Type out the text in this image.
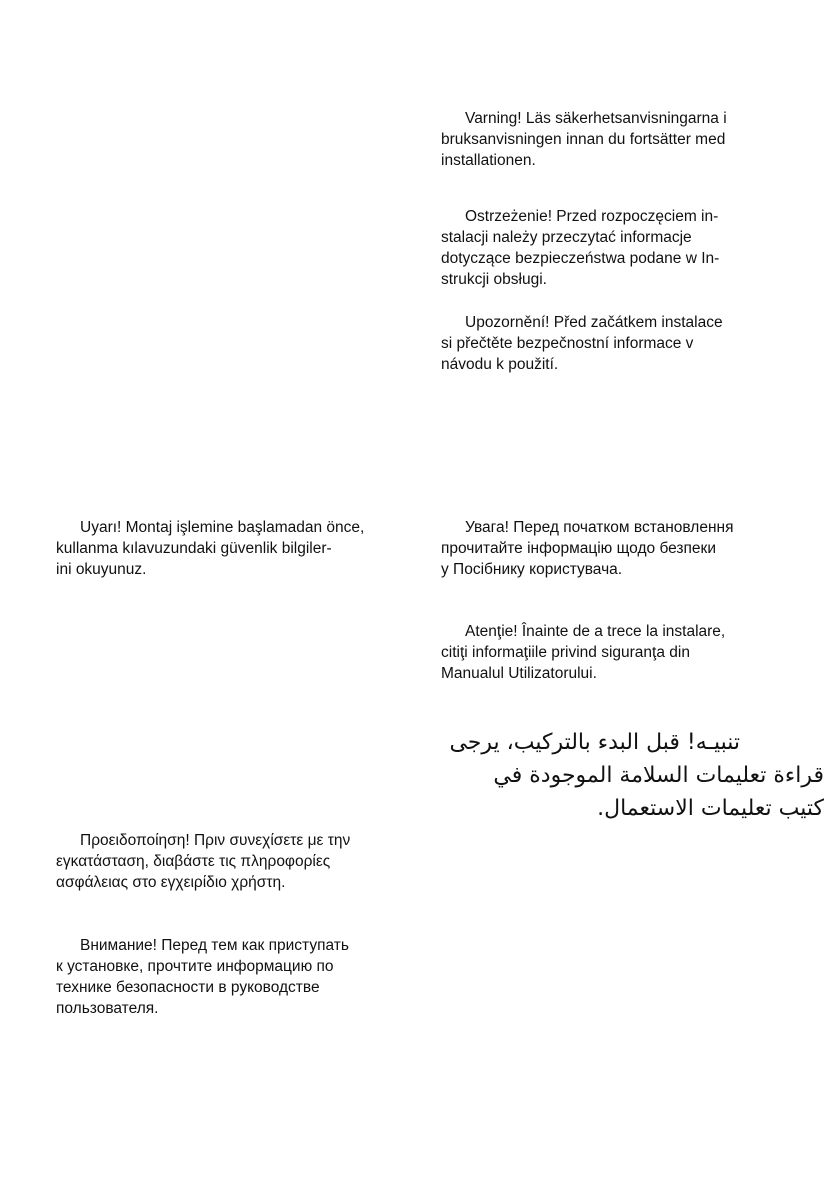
Varning! Läs säkerhetsanvisningarna i
bruksanvisningen innan du fortsätter med
installationen.

Ostrzeżenie! Przed rozpoczęciem in-
stalacji należy przeczytać informacje
dotyczące bezpieczeństwa podane w In-
strukcji obsługi.

Upozornění! Před začátkem instalace
si přečtěte bezpečnostní informace v
návodu k použití.

Uyarı! Montaj işlemine başlamadan önce,
kullanma kılavuzundaki güvenlik bilgiler-
ini okuyunuz.

Увага! Перед початком встановлення
прочитайте інформацію щодо безпеки
у Посібнику користувача.

Atenţie! Înainte de a trece la instalare,
citiţi informaţiile privind siguranţa din
Manualul Utilizatorului.

تنبيـه! قبل البدء بالتركيب، يرجى
قراءة تعليمات السلامة الموجودة في
كتيب تعليمات الاستعمال.

Προειδοποίηση! Πριν συνεχίσετε με την
εγκατάσταση, διαβάστε τις πληροφορίες
ασφάλειας στο εγχειρίδιο χρήστη.

Внимание! Перед тем как приступать
к установке, прочтите информацию по
технике безопасности в руководстве
пользователя.
